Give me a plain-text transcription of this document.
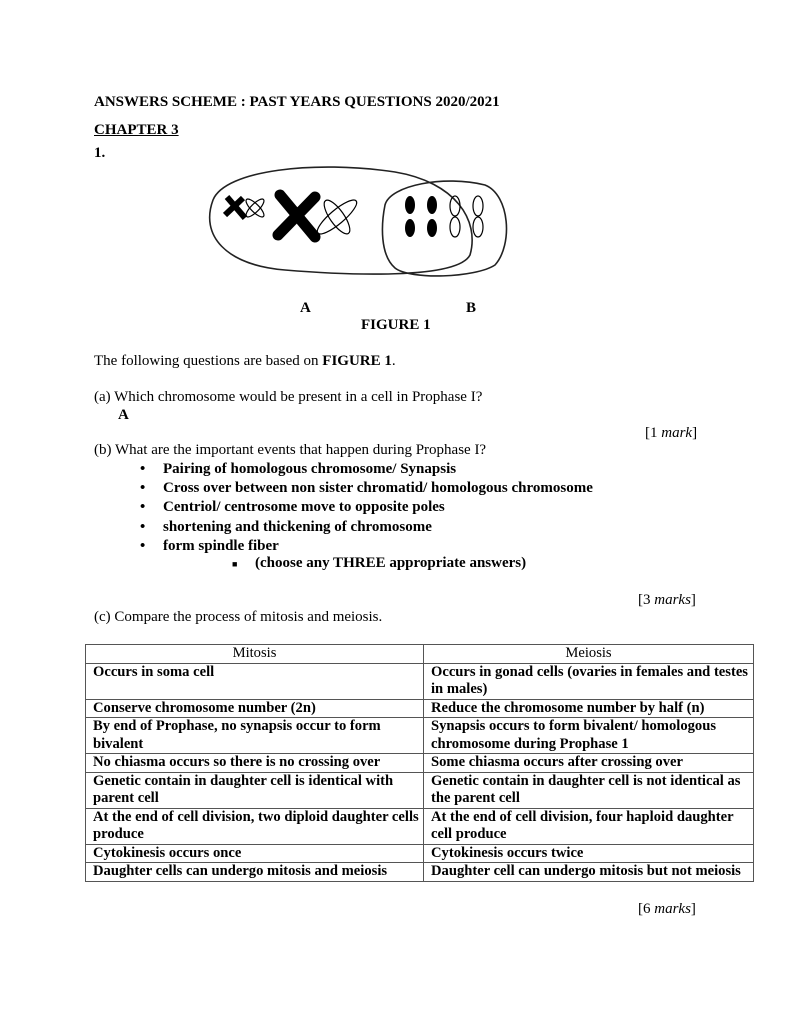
ANSWERS SCHEME : PAST YEARS QUESTIONS 2020/2021
CHAPTER 3
1.
A	B
FIGURE 1
The following questions are based on FIGURE 1.
(a) Which chromosome would be present in a cell in Prophase I?
A
[1 mark]
(b) What are the important events that happen during Prophase I?
• Pairing of homologous chromosome/ Synapsis
• Cross over between non sister chromatid/ homologous chromosome
• Centriol/ centrosome move to opposite poles
• shortening and thickening of chromosome
• form spindle fiber
■ (choose any THREE appropriate answers)
[3 marks]
(c) Compare the process of mitosis and meiosis.
Mitosis	Meiosis
Occurs in soma cell	Occurs in gonad cells (ovaries in females and testes in males)
Conserve chromosome number (2n)	Reduce the chromosome number by half (n)
By end of Prophase, no synapsis occur to form bivalent	Synapsis occurs to form bivalent/ homologous chromosome during Prophase 1
No chiasma occurs so there is no crossing over	Some chiasma occurs after crossing over
Genetic contain in daughter cell is identical with parent cell	Genetic contain in daughter cell is not identical as the parent cell
At the end of cell division, two diploid daughter cells produce	At the end of cell division, four haploid daughter cell produce
Cytokinesis occurs once	Cytokinesis occurs twice
Daughter cells can undergo mitosis and meiosis	Daughter cell can undergo mitosis but not meiosis
[6 marks]
